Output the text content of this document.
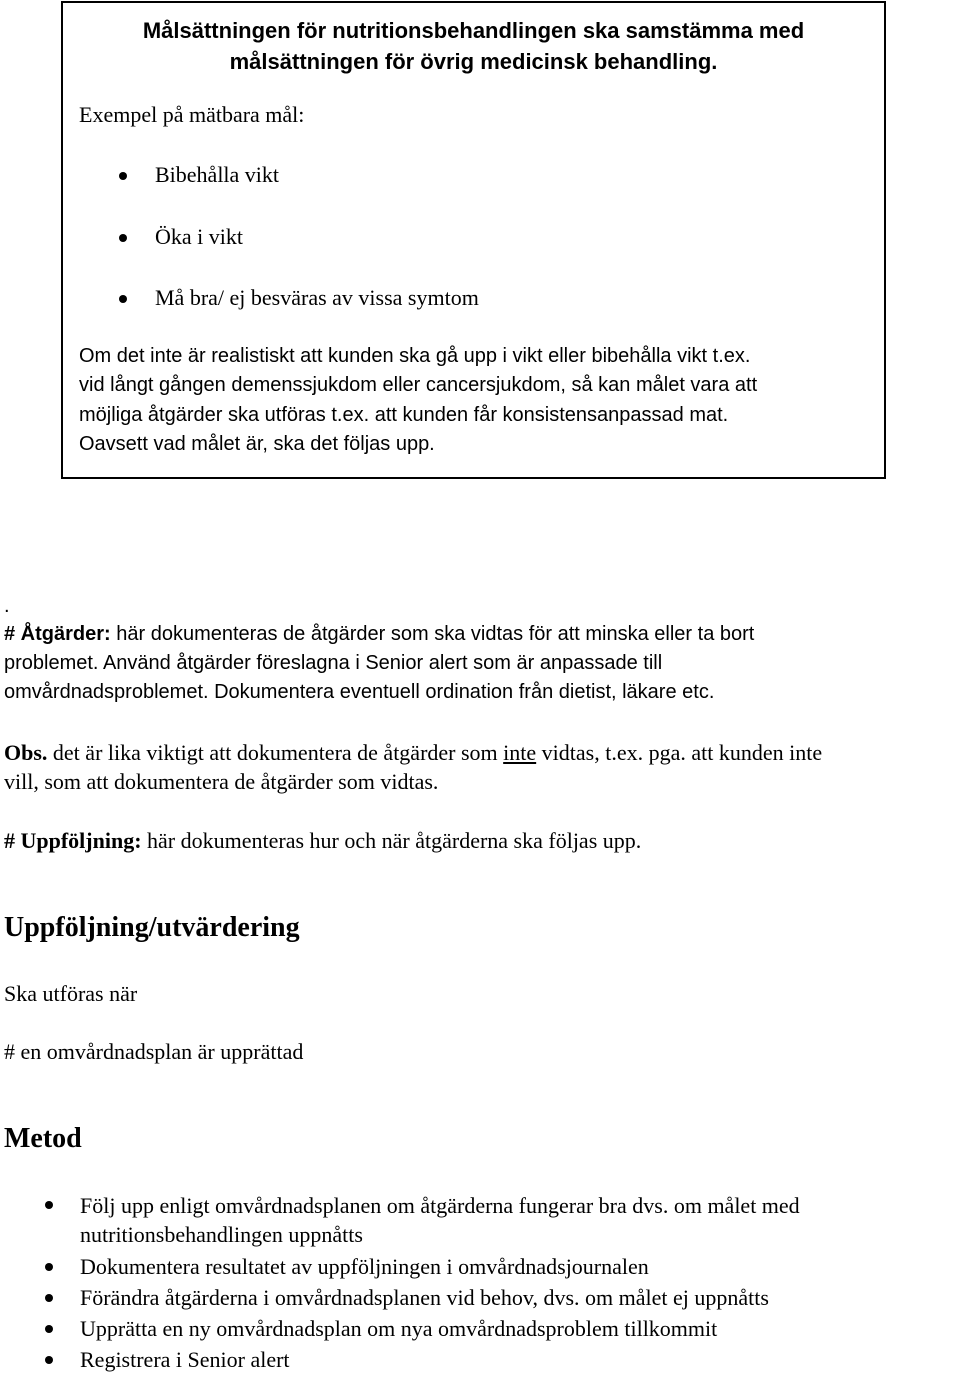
Målsättningen för nutritionsbehandlingen ska samstämma med
målsättningen för övrig medicinsk behandling.
Exempel på mätbara mål:
Bibehålla vikt
Öka i vikt
Må bra/ ej besväras av vissa symtom
Om det inte är realistiskt att kunden ska gå upp i vikt eller bibehålla vikt t.ex.
vid långt gången demenssjukdom eller cancersjukdom, så kan målet vara att
möjliga åtgärder ska utföras t.ex. att kunden får konsistensanpassad mat.
Oavsett vad målet är, ska det följas upp.
.
# Åtgärder: här dokumenteras de åtgärder som ska vidtas för att minska eller ta bort
problemet. Använd åtgärder föreslagna i Senior alert som är anpassade till
omvårdnadsproblemet. Dokumentera eventuell ordination från dietist, läkare etc.
Obs. det är lika viktigt att dokumentera de åtgärder som inte vidtas, t.ex. pga. att kunden inte
vill, som att dokumentera de åtgärder som vidtas.
# Uppföljning: här dokumenteras hur och när åtgärderna ska följas upp.
Uppföljning/utvärdering
Ska utföras när
# en omvårdnadsplan är upprättad
Metod
Följ upp enligt omvårdnadsplanen om åtgärderna fungerar bra dvs. om målet med
nutritionsbehandlingen uppnåtts
Dokumentera resultatet av uppföljningen i omvårdnadsjournalen
Förändra åtgärderna i omvårdnadsplanen vid behov, dvs. om målet ej uppnåtts
Upprätta en ny omvårdnadsplan om nya omvårdnadsproblem tillkommit
Registrera i Senior alert
